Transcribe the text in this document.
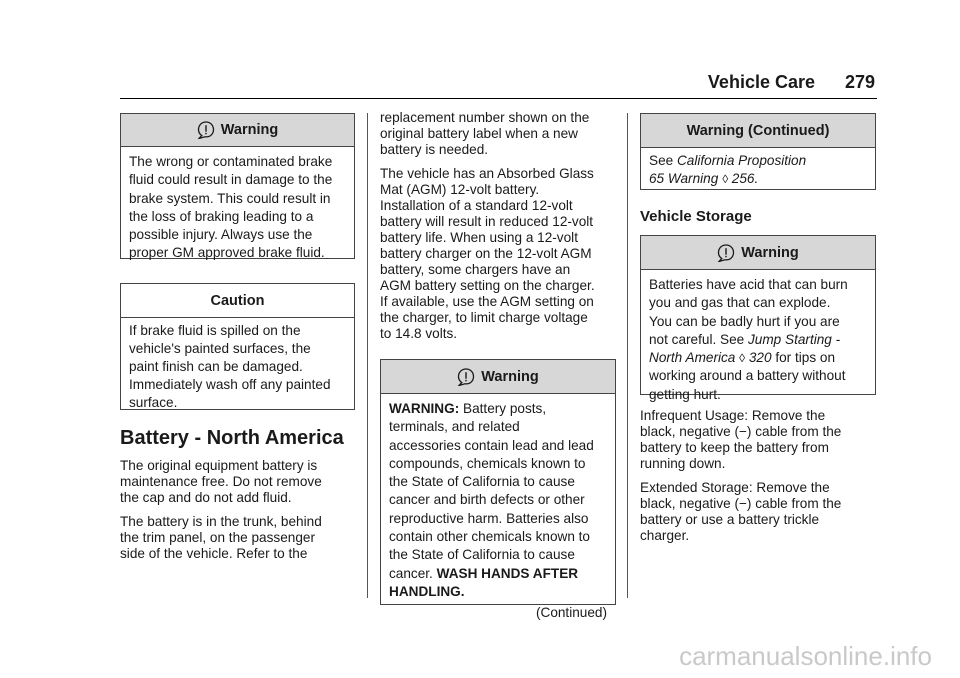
Vehicle Care 279
Warning

The wrong or contaminated brake

fluid could result in damage to the

brake system. This could result in

the loss of braking leading to a

possible injury. Always use the

proper GM approved brake fluid.

Caution

If brake fluid is spilled on the

vehicle's painted surfaces, the

paint finish can be damaged.

Immediately wash off any painted

surface.

Battery - North America

The original equipment battery is

maintenance free. Do not remove

the cap and do not add fluid.

The battery is in the trunk, behind

the trim panel, on the passenger

side of the vehicle. Refer to the

replacement number shown on the

original battery label when a new

battery is needed.

The vehicle has an Absorbed Glass

Mat (AGM) 12-volt battery.

Installation of a standard 12-volt

battery will result in reduced 12-volt

battery life. When using a 12-volt

battery charger on the 12-volt AGM

battery, some chargers have an

AGM battery setting on the charger.

If available, use the AGM setting on

the charger, to limit charge voltage

to 14.8 volts.

Warning

WARNING: Battery posts,

terminals, and related

accessories contain lead and lead

compounds, chemicals known to

the State of California to cause

cancer and birth defects or other

reproductive harm. Batteries also

contain other chemicals known to

the State of California to cause

cancer. WASH HANDS AFTER

HANDLING.

(Continued)

Warning (Continued)

See California Proposition

65 Warning ◊ 256.

Vehicle Storage
Warning

Batteries have acid that can burn

you and gas that can explode.

You can be badly hurt if you are

not careful. See Jump Starting -

North America ◊ 320 for tips on

working around a battery without

getting hurt.

Infrequent Usage: Remove the

black, negative (−) cable from the

battery to keep the battery from

running down.

Extended Storage: Remove the

black, negative (−) cable from the

battery or use a battery trickle

charger.

carmanualsonline.info
